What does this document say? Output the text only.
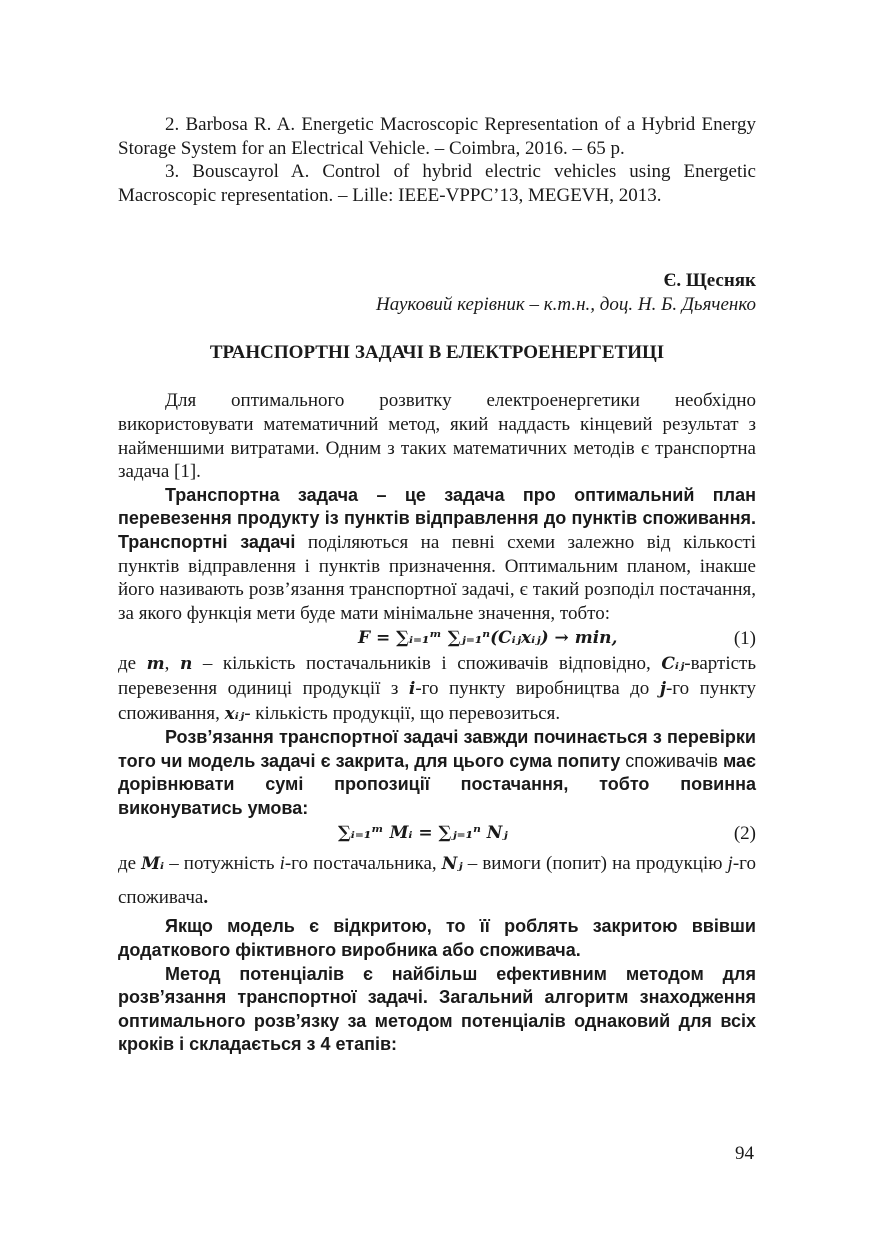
2. Barbosa R. A. Energetic Macroscopic Representation of a Hybrid Energy Storage System for an Electrical Vehicle. – Coimbra, 2016. – 65 p.

3. Bouscayrol A. Control of hybrid electric vehicles using Energetic Macroscopic representation. – Lille: IEEE-VPPC’13, MEGEVH, 2013.

Є. Щесняк

Науковий керівник – к.т.н., доц. Н. Б. Дьяченко

ТРАНСПОРТНІ ЗАДАЧІ В ЕЛЕКТРОЕНЕРГЕТИЦІ

Для оптимального розвитку електроенергетики необхідно використовувати математичний метод, який наддасть кінцевий результат з найменшими витратами. Одним з таких математичних методів є транспортна задача [1].

Транспортна задача – це задача про оптимальний план перевезення продукту із пунктів відправлення до пунктів споживання. Транспортні задачі поділяються на певні схеми залежно від кількості пунктів відправлення і пунктів призначення. Оптимальним планом, інакше його називають розв’язання транспортної задачі, є такий розподіл постачання, за якого функція мети буде мати мінімальне значення, тобто:

F = ∑ᵢ₌₁ᵐ ∑ⱼ₌₁ⁿ(Cᵢⱼxᵢⱼ) → min,	(1)

де m, n – кількість постачальників і споживачів відповідно, Cᵢⱼ-вартість перевезення одиниці продукції з i-го пункту виробництва до j-го пункту споживання, xᵢⱼ- кількість продукції, що перевозиться.

Розв’язання транспортної задачі завжди починається з перевірки того чи модель задачі є закрита, для цього сума попиту споживачів має дорівнювати сумі пропозиції постачання, тобто повинна виконуватись умова:

∑ᵢ₌₁ᵐ Mᵢ = ∑ⱼ₌₁ⁿ Nⱼ	(2)

де Mᵢ – потужність i-го постачальника, Nⱼ – вимоги (попит) на продукцію j-го споживача.

Якщо модель є відкритою, то її роблять закритою ввівши додаткового фіктивного виробника або споживача.

Метод потенціалів є найбільш ефективним методом для розв’язання транспортної задачі. Загальний алгоритм знаходження оптимального розв’язку за методом потенціалів однаковий для всіх кроків і складається з 4 етапів:

94
